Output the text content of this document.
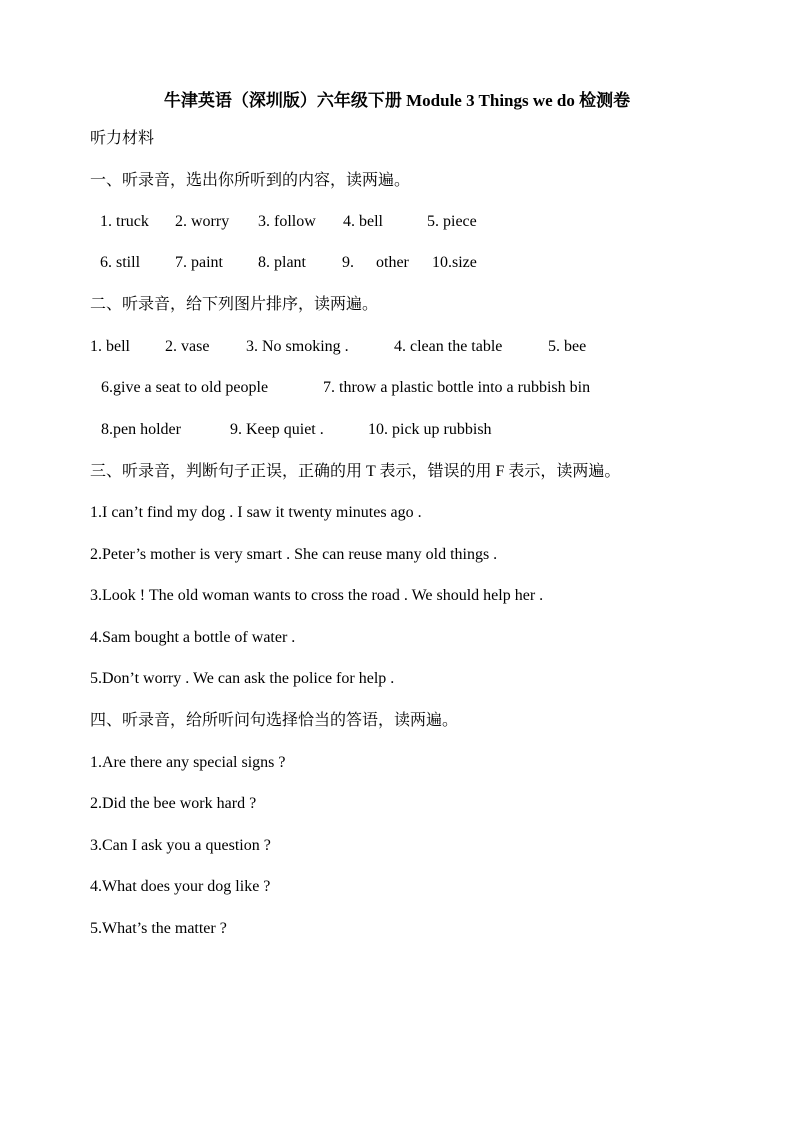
牛津英语（深圳版）六年级下册 Module 3 Things we do 检测卷
听力材料
一、听录音，选出你所听到的内容，读两遍。
1. truck 2. worry 3. follow 4. bell	5. piece
6. still 7. paint 8. plant 9. other 10.size
二、听录音，给下列图片排序，读两遍。
1. bell 2. vase 3. No smoking .	4. clean the table	5. bee
6.give a seat to old people	7. throw a plastic bottle into a rubbish bin
8.pen holder	9. Keep quiet .	10. pick up rubbish
三、听录音，判断句子正误，正确的用 T 表示，错误的用 F 表示，读两遍。
1.I can’t find my dog . I saw it twenty minutes ago .
2.Peter’s mother is very smart . She can reuse many old things .
3.Look ! The old woman wants to cross the road . We should help her .
4.Sam bought a bottle of water .
5.Don’t worry . We can ask the police for help .
四、听录音，给所听问句选择恰当的答语，读两遍。
1.Are there any special signs ?
2.Did the bee work hard ?
3.Can I ask you a question ?
4.What does your dog like ?
5.What’s the matter ?
